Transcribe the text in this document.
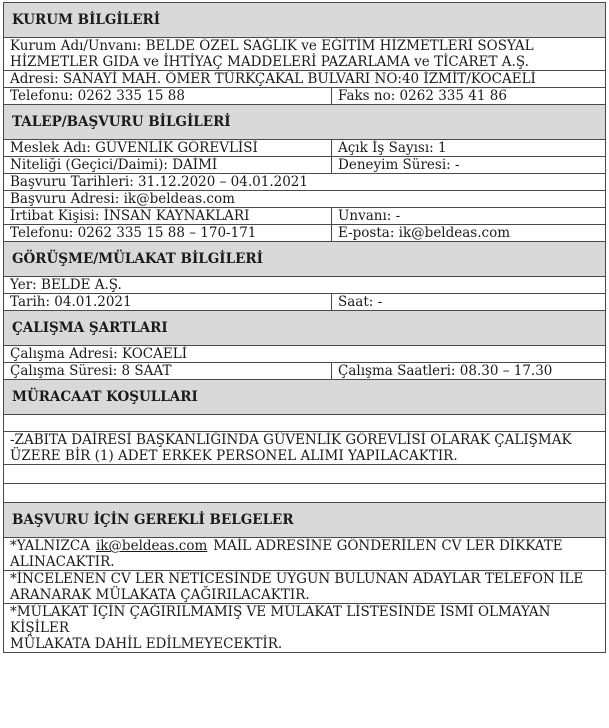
KURUM BİLGİLERİ	

Kurum Adı/Unvanı: BELDE ÖZEL SAĞLIK ve EĞİTİM HİZMETLERİ SOSYAL
HİZMETLER GIDA ve İHTİYAÇ MADDELERİ PAZARLAMA ve TİCARET A.Ş.	

Adresi: SANAYİ MAH. ÖMER TÜRKÇAKAL BULVARI NO:40 İZMİT/KOCAELİ	
Telefonu: 0262 335 15 88	Faks no: 0262 335 41 86
TALEP/BAŞVURU BİLGİLERİ	
Meslek Adı: GÜVENLİK GÖREVLİSİ	Açık İş Sayısı: 1
Niteliği (Geçici/Daimi): DAİMİ	Deneyim Süresi: -
Başvuru Tarihleri: 31.12.2020 – 04.01.2021	
Başvuru Adresi: ik@beldeas.com	
İrtibat Kişisi: İNSAN KAYNAKLARI	Unvanı: -
Telefonu: 0262 335 15 88 – 170-171	E-posta: ik@beldeas.com
GÖRÜŞME/MÜLAKAT BİLGİLERİ	
Yer: BELDE A.Ş.	
Tarih: 04.01.2021	Saat: -
ÇALIŞMA ŞARTLARI	
Çalışma Adresi: KOCAELİ	
Çalışma Süresi: 8 SAAT	Çalışma Saatleri: 08.30 – 17.30
MÜRACAAT KOŞULLARI	

-ZABITA DAİRESİ BAŞKANLIĞINDA GÜVENLİK GÖREVLİSİ OLARAK ÇALIŞMAK
ÜZERE BİR (1) ADET ERKEK PERSONEL ALIMI YAPILACAKTIR.	

BAŞVURU İÇİN GEREKLİ BELGELER	

*YALNIZCA ik@beldeas.com MAİL ADRESİNE GÖNDERİLEN CV LER DİKKATE
ALINACAKTIR.	

*İNCELENEN CV LER NETİCESİNDE UYGUN BULUNAN ADAYLAR TELEFON İLE
ARANARAK MÜLAKATA ÇAĞIRILACAKTIR.	

*MÜLAKAT İÇİN ÇAĞIRILMAMIŞ VE MÜLAKAT LİSTESİNDE İSMİ OLMAYAN KİŞİLER
MÜLAKATA DAHİL EDİLMEYECEKTİR.	
